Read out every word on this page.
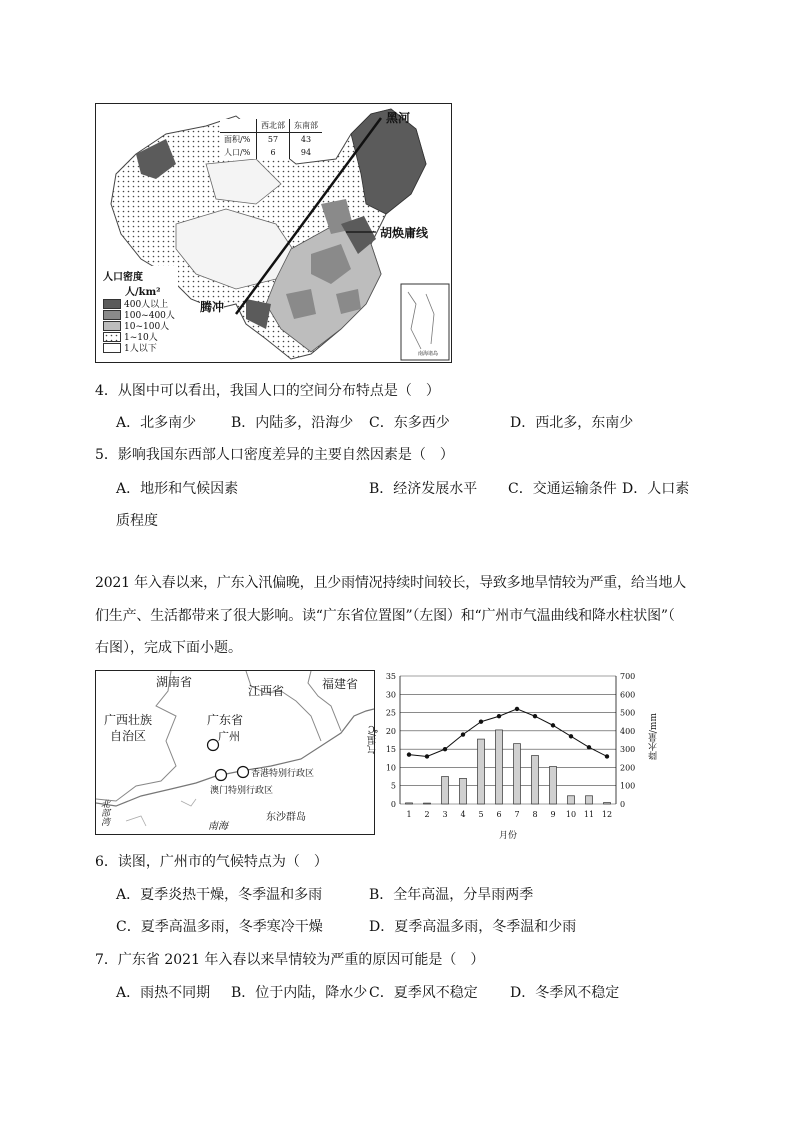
	西北部	东南部
面积/%	57	43
人口/%	6	94
黑河
胡焕庸线
腾冲
南海诸岛
人口密度
人/km²
400人以上
100~400人
10~100人
1~10人
1人以下
4．从图中可以看出，我国人口的空间分布特点是（　）
A．北多南少 B．内陆多，沿海少 C．东多西少	D．西北多，东南少
5．影响我国东西部人口密度差异的主要自然因素是（　）
A．地形和气候因素	B．经济发展水平 C．交通运输条件 D．人口素
质程度
2021 年入春以来，广东入汛偏晚，且少雨情况持续时间较长，导致多地旱情较为严重，给当地人
们生产、生活都带来了很大影响。读“广东省位置图”（左图）和“广州市气温曲线和降水柱状图”（
右图），完成下面小题。
湖南省
江西省	福建省
广西壮族
自治区
广东省
广州
香港特别行政区
澳门特别行政区
北部湾
南海
东沙群岛
0	0
5	100
10	200
15	300
20	400
25	500
30	600
35	700
1 2 3 4 5 6 7 8 9 10 11 12
气温/℃	降水量/mm
月份
6．读图，广州市的气候特点为（　）
A．夏季炎热干燥，冬季温和多雨	B．全年高温，分旱雨两季
C．夏季高温多雨，冬季寒冷干燥	D．夏季高温多雨，冬季温和少雨
7．广东省 2021 年入春以来旱情较为严重的原因可能是（　）
A．雨热不同期 B．位于内陆，降水少 C．夏季风不稳定 D．冬季风不稳定
